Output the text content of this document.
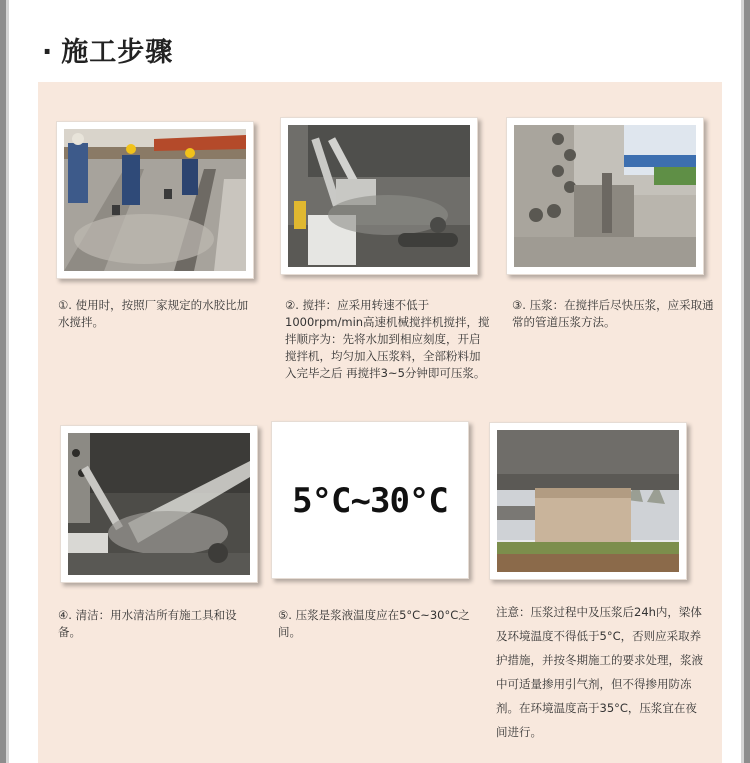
· 施工步骤
5°C~30°C
①. 使用时，按照厂家规定的水胶比加水搅拌。
②. 搅拌：应采用转速不低于1000rpm/min高速机械搅拌机搅拌，搅拌顺序为：先将水加到相应刻度，开启搅拌机，均匀加入压浆料，全部粉料加入完毕之后 再搅拌3~5分钟即可压浆。
③. 压浆：在搅拌后尽快压浆，应采取通常的管道压浆方法。
④. 清洁：用水清洁所有施工具和设备。
⑤. 压浆是浆液温度应在5°C~30°C之间。
注意：压浆过程中及压浆后24h内，梁体及环境温度不得低于5°C，否则应采取养护措施，并按冬期施工的要求处理，浆液中可适量掺用引气剂，但不得掺用防冻剂。在环境温度高于35°C，压浆宜在夜间进行。
